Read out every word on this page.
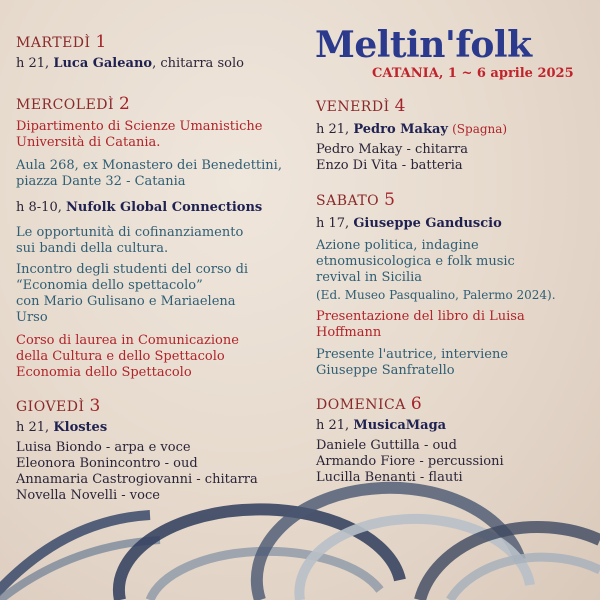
Meltin'folk
CATANIA, 1 ~ 6 aprile 2025
MARTEDÌ 1
h 21, Luca Galeano, chitarra solo
MERCOLEDÌ 2
Dipartimento di Scienze Umanistiche
Università di Catania.
Aula 268, ex Monastero dei Benedettini,
piazza Dante 32 - Catania
h 8-10, Nufolk Global Connections
Le opportunità di cofinanziamento
sui bandi della cultura.
Incontro degli studenti del corso di
“Economia dello spettacolo”
con Mario Gulisano e Mariaelena
Urso
Corso di laurea in Comunicazione
della Cultura e dello Spettacolo
Economia dello Spettacolo
GIOVEDÌ 3
h 21, Klostes
Luisa Biondo - arpa e voce
Eleonora Bonincontro - oud
Annamaria Castrogiovanni - chitarra
Novella Novelli - voce
VENERDÌ 4
h 21, Pedro Makay (Spagna)
Pedro Makay - chitarra
Enzo Di Vita - batteria
SABATO 5
h 17, Giuseppe Ganduscio
Azione politica, indagine
etnomusicologica e folk music
revival in Sicilia
(Ed. Museo Pasqualino, Palermo 2024).
Presentazione del libro di Luisa
Hoffmann
Presente l'autrice, interviene
Giuseppe Sanfratello
DOMENICA 6
h 21, MusicaMaga
Daniele Guttilla - oud
Armando Fiore - percussioni
Lucilla Benanti - flauti
